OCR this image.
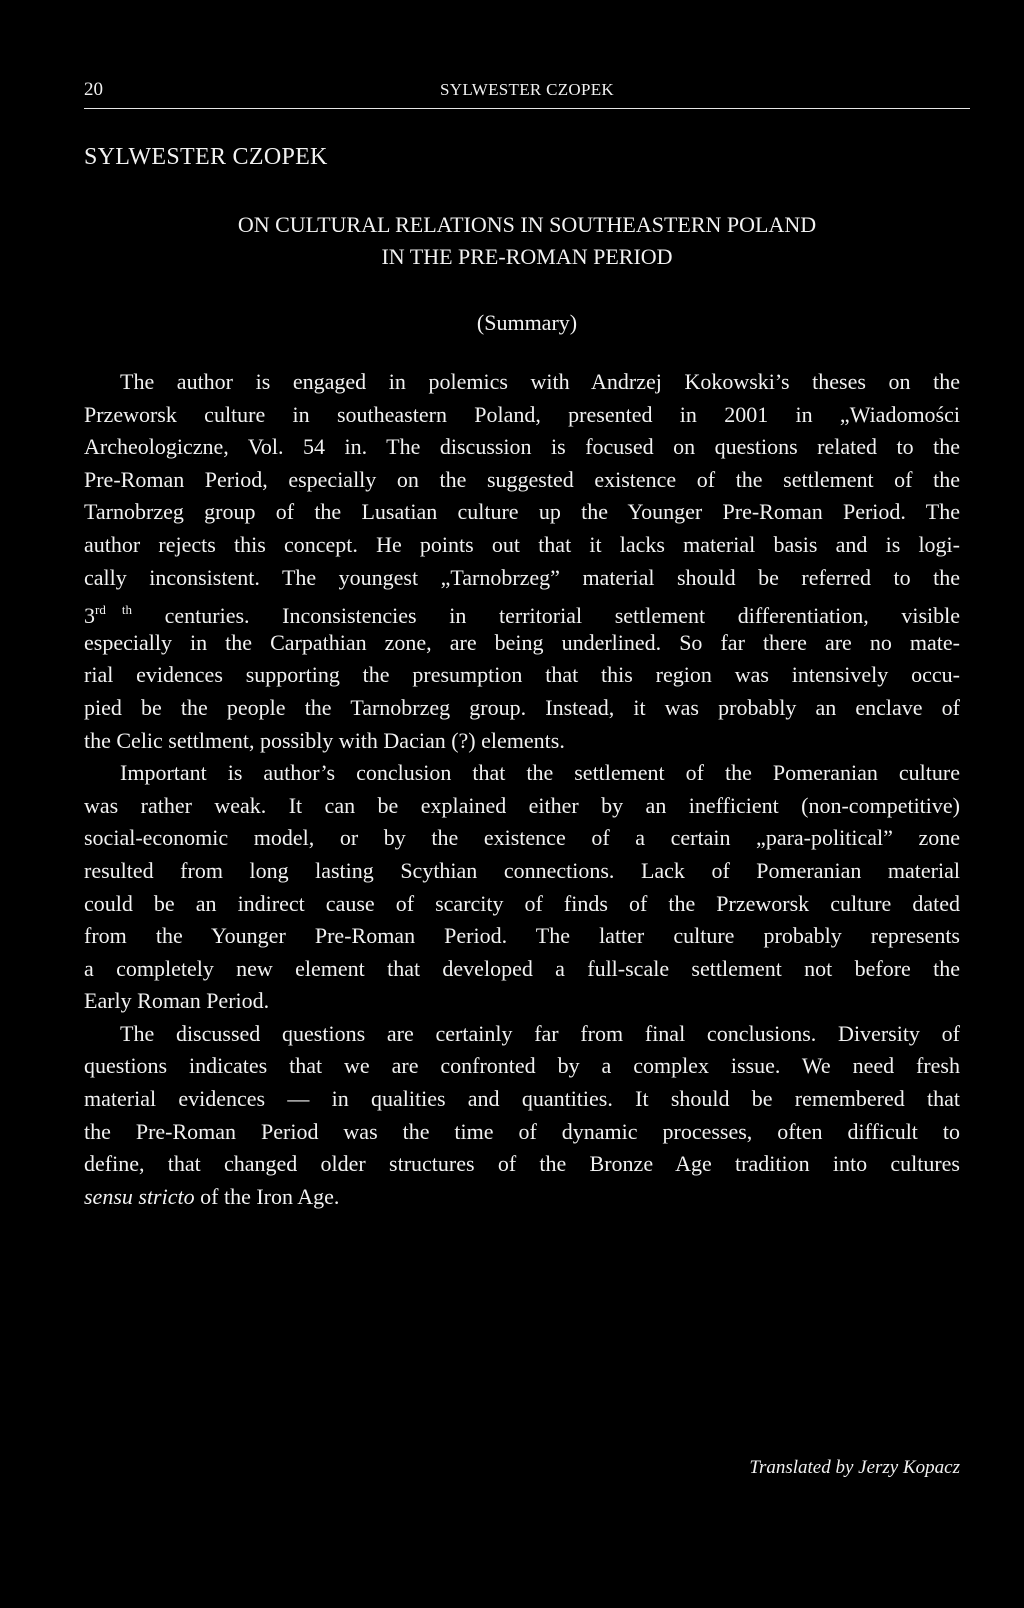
20	SYLWESTER CZOPEK
SYLWESTER CZOPEK
ON CULTURAL RELATIONS IN SOUTHEASTERN POLAND
IN THE PRE-ROMAN PERIOD
(Summary)
The author is engaged in polemics with Andrzej Kokowski’s theses on the
Przeworsk culture in southeastern Poland, presented in 2001 in „Wiadomości
Archeologiczne, Vol. 54 in. The discussion is focused on questions related to the
Pre-Roman Period, especially on the suggested existence of the settlement of the
Tarnobrzeg group of the Lusatian culture up the Younger Pre-Roman Period. The
author rejects this concept. He points out that it lacks material basis and is logi-
cally inconsistent. The youngest „Tarnobrzeg” material should be referred to the
3rd $^{th}$ centuries. Inconsistencies in territorial settlement differentiation, visible
especially in the Carpathian zone, are being underlined. So far there are no mate-
rial evidences supporting the presumption that this region was intensively occu-
pied be the people the Tarnobrzeg group. Instead, it was probably an enclave of
the Celic settlment, possibly with Dacian (?) elements.
Important is author’s conclusion that the settlement of the Pomeranian culture
was rather weak. It can be explained either by an inefficient (non-competitive)
social-economic model, or by the existence of a certain „para-political” zone
resulted from long lasting Scythian connections. Lack of Pomeranian material
could be an indirect cause of scarcity of finds of the Przeworsk culture dated
from the Younger Pre-Roman Period. The latter culture probably represents
a completely new element that developed a full-scale settlement not before the
Early Roman Period.
The discussed questions are certainly far from final conclusions. Diversity of
questions indicates that we are confronted by a complex issue. We need fresh
material evidences — in qualities and quantities. It should be remembered that
the Pre-Roman Period was the time of dynamic processes, often difficult to
define, that changed older structures of the Bronze Age tradition into cultures
sensu stricto of the Iron Age.
Translated by Jerzy Kopacz
